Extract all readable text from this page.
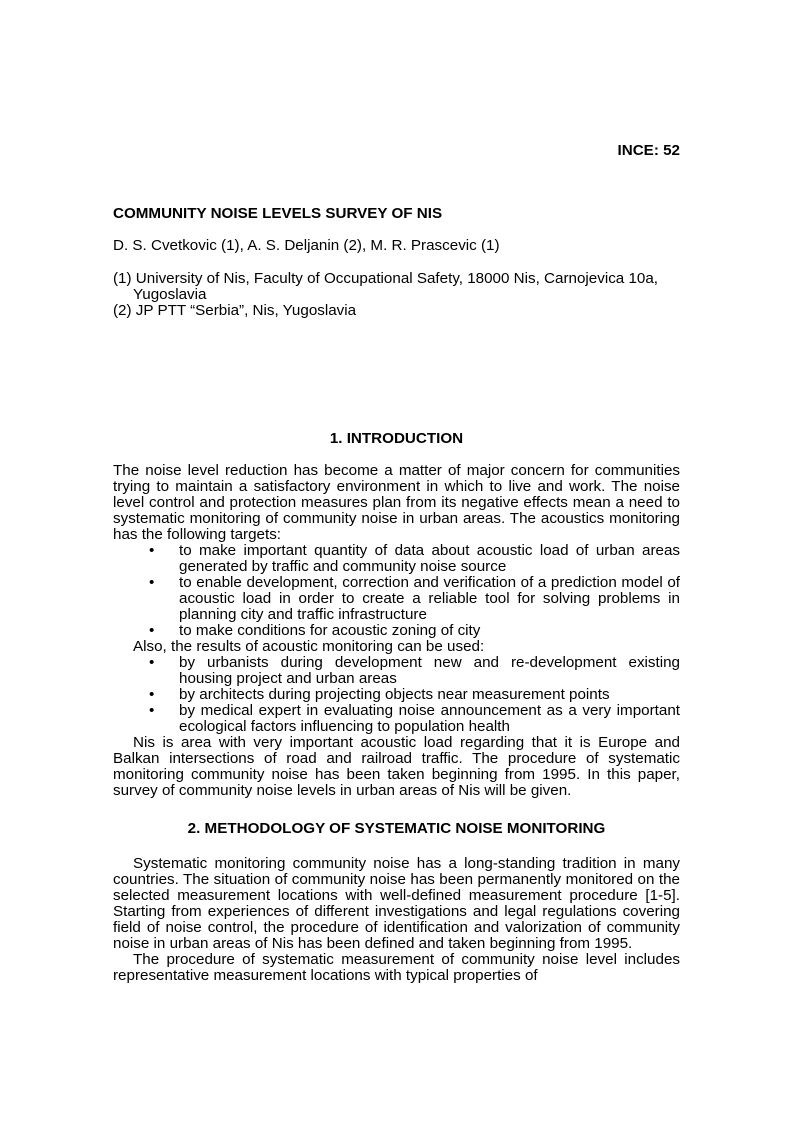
INCE: 52
COMMUNITY NOISE LEVELS SURVEY OF NIS
D. S. Cvetkovic (1), A. S. Deljanin (2), M. R. Prascevic (1)

(1) University of Nis, Faculty of Occupational Safety, 18000 Nis, Carnojevica 10a, Yugoslavia

(2) JP PTT “Serbia”, Nis, Yugoslavia

1. INTRODUCTION

The noise level reduction has become a matter of major concern for communities trying to maintain a satisfactory environment in which to live and work. The noise level control and protection measures plan from its negative effects mean a need to systematic monitoring of community noise in urban areas. The acoustics monitoring has the following targets:

• to make important quantity of data about acoustic load of urban areas generated by traffic and community noise source
• to enable development, correction and verification of a prediction model of acoustic load in order to create a reliable tool for solving problems in planning city and traffic infrastructure
• to make conditions for acoustic zoning of city

Also, the results of acoustic monitoring can be used:

• by urbanists during development new and re-development existing housing project and urban areas
• by architects during projecting objects near measurement points
• by medical expert in evaluating noise announcement as a very important ecological factors influencing to population health

Nis is area with very important acoustic load regarding that it is Europe and Balkan intersections of road and railroad traffic. The procedure of systematic monitoring community noise has been taken beginning from 1995. In this paper, survey of community noise levels in urban areas of Nis will be given.

2. METHODOLOGY OF SYSTEMATIC NOISE MONITORING

Systematic monitoring community noise has a long-standing tradition in many countries. The situation of community noise has been permanently monitored on the selected measurement locations with well-defined measurement procedure [1-5]. Starting from experiences of different investigations and legal regulations covering field of noise control, the procedure of identification and valorization of community noise in urban areas of Nis has been defined and taken beginning from 1995.

The procedure of systematic measurement of community noise level includes representative measurement locations with typical properties of
